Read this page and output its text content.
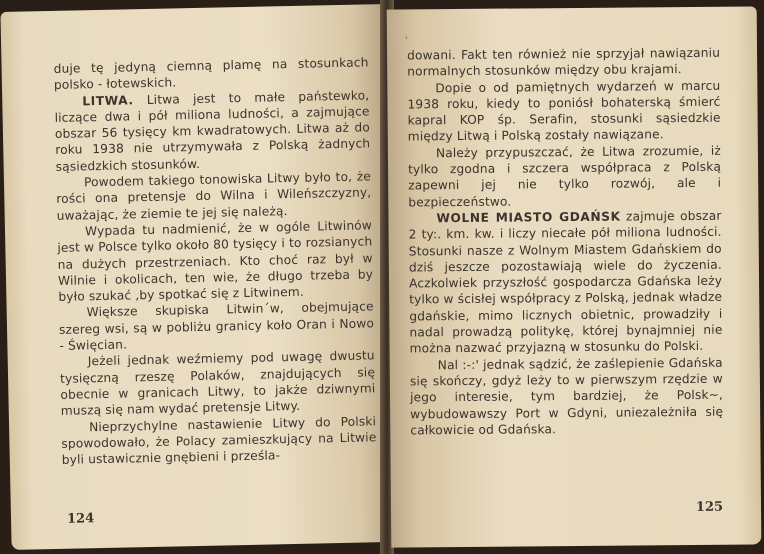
duje tę jedyną ciemną plamę na stosunkach polsko - łotewskich.

LITWA. Litwa jest to małe państewko, liczące dwa i pół miliona ludności, a zajmujące obszar 56 tysięcy km kwadratowych. Litwa aż do roku 1938 nie utrzymywała z Polską żadnych sąsiedzkich stosunków.

Powodem takiego tonowiska Litwy było to, że rości ona pretensje do Wilna i Wileńszczyzny, uważając, że ziemie te jej się należą.

Wypada tu nadmienić, że w ogóle Litwinów jest w Polsce tylko około 80 tysięcy i to rozsianych na dużych przestrzeniach. Kto choć raz był w Wilnie i okolicach, ten wie, że długo trzeba by było szukać ,by spotkać się z Litwinem.

Większe skupiska Litwin´w, obejmujące szereg wsi, są w pobliżu granicy koło Oran i Nowo - Święcian.

Jeżeli jednak weźmiemy pod uwagę dwustu tysięczną rzeszę Polaków, znajdujących się obecnie w granicach Litwy, to jakże dziwnymi muszą się nam wydać pretensje Litwy.

Nieprzychylne nastawienie Litwy do Polski spowodowało, że Polacy zamieszkujący na Litwie byli ustawicznie gnębieni i prześla-

124
'

dowani. Fakt ten również nie sprzyjał nawiązaniu normalnych stosunków między obu krajami.

Dopie o od pamiętnych wydarzeń w marcu 1938 roku, kiedy to poniósł bohaterską śmierć kapral KOP śp. Serafin, stosunki sąsiedzkie między Litwą i Polską zostały nawiązane.

Należy przypuszczać, że Litwa zrozumie, iż tylko zgodna i szczera współpraca z Polską zapewni jej nie tylko rozwój, ale i bezpieczeństwo.

WOLNE MIASTO GDAŃSK zajmuje obszar 2 ty:. km. kw. i liczy niecałe pół miliona ludności. Stosunki nasze z Wolnym Miastem Gdańskiem do dziś jeszcze pozostawiają wiele do życzenia. Aczkolwiek przyszłość gospodarcza Gdańska leży tylko w ścisłej współpracy z Polską, jednak władze gdańskie, mimo licznych obietnic, prowadziły i nadal prowadzą politykę, której bynajmniej nie można nazwać przyjazną w stosunku do Polski.

Nal :-:' jednak sądzić, że zaślepienie Gdańska się skończy, gdyż leży to w pierwszym rzędzie w jego interesie, tym bardziej, że Polsk~, wybudowawszy Port w Gdyni, uniezależniła się całkowicie od Gdańska.

125
